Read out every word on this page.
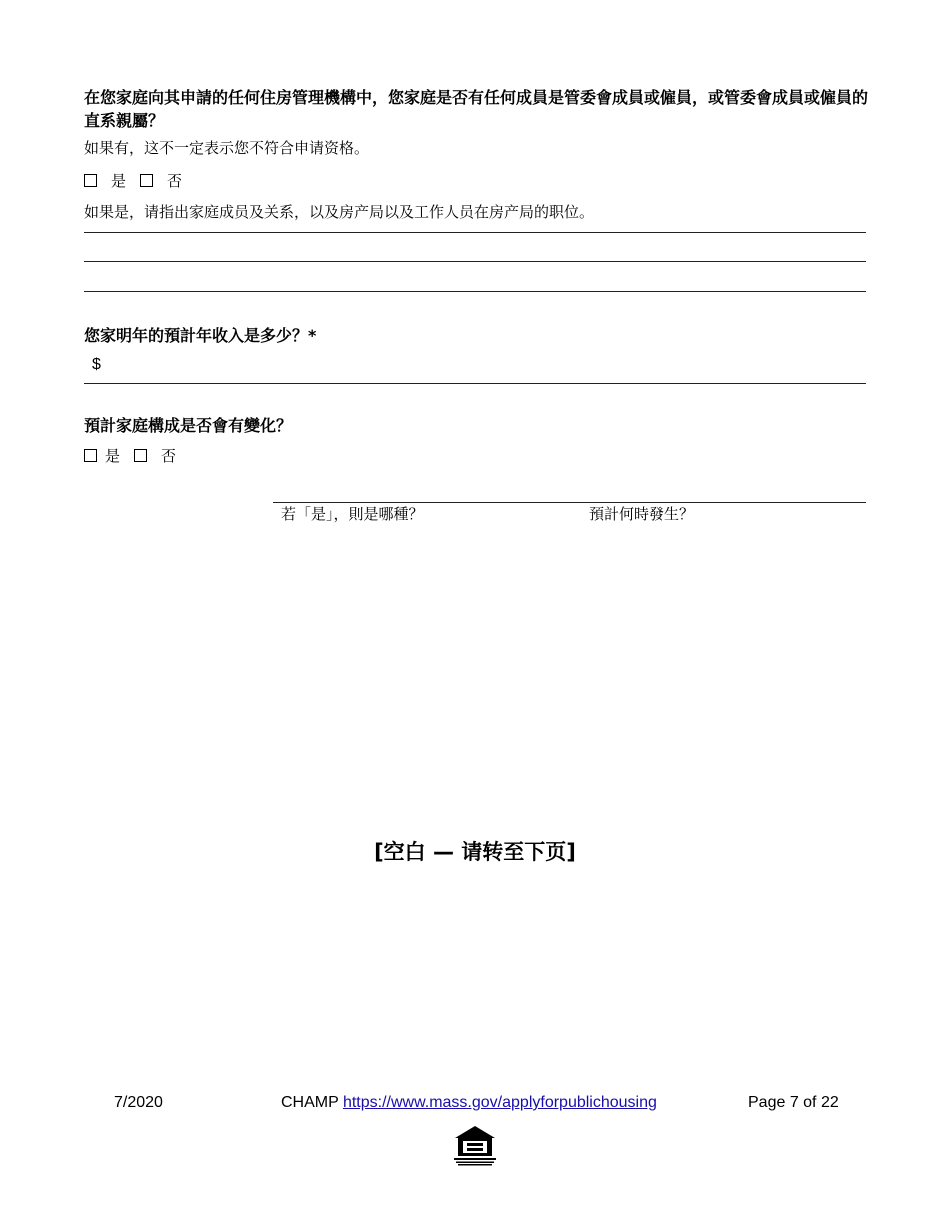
在您家庭向其申請的任何住房管理機構中，您家庭是否有任何成員是管委會成員或僱員，或管委會成員或僱員的直系親屬？
如果有，这不一定表示您不符合申请资格。
是	否
如果是，请指出家庭成员及关系，以及房产局以及工作人员在房产局的职位。
您家明年的預計年收入是多少？*
$
預計家庭構成是否會有變化？
是	否
若「是」，則是哪種？	預計何時發生？
[空白 — 请转至下页]
7/2020	CHAMP https://www.mass.gov/applyforpublichousing	Page 7 of 22
